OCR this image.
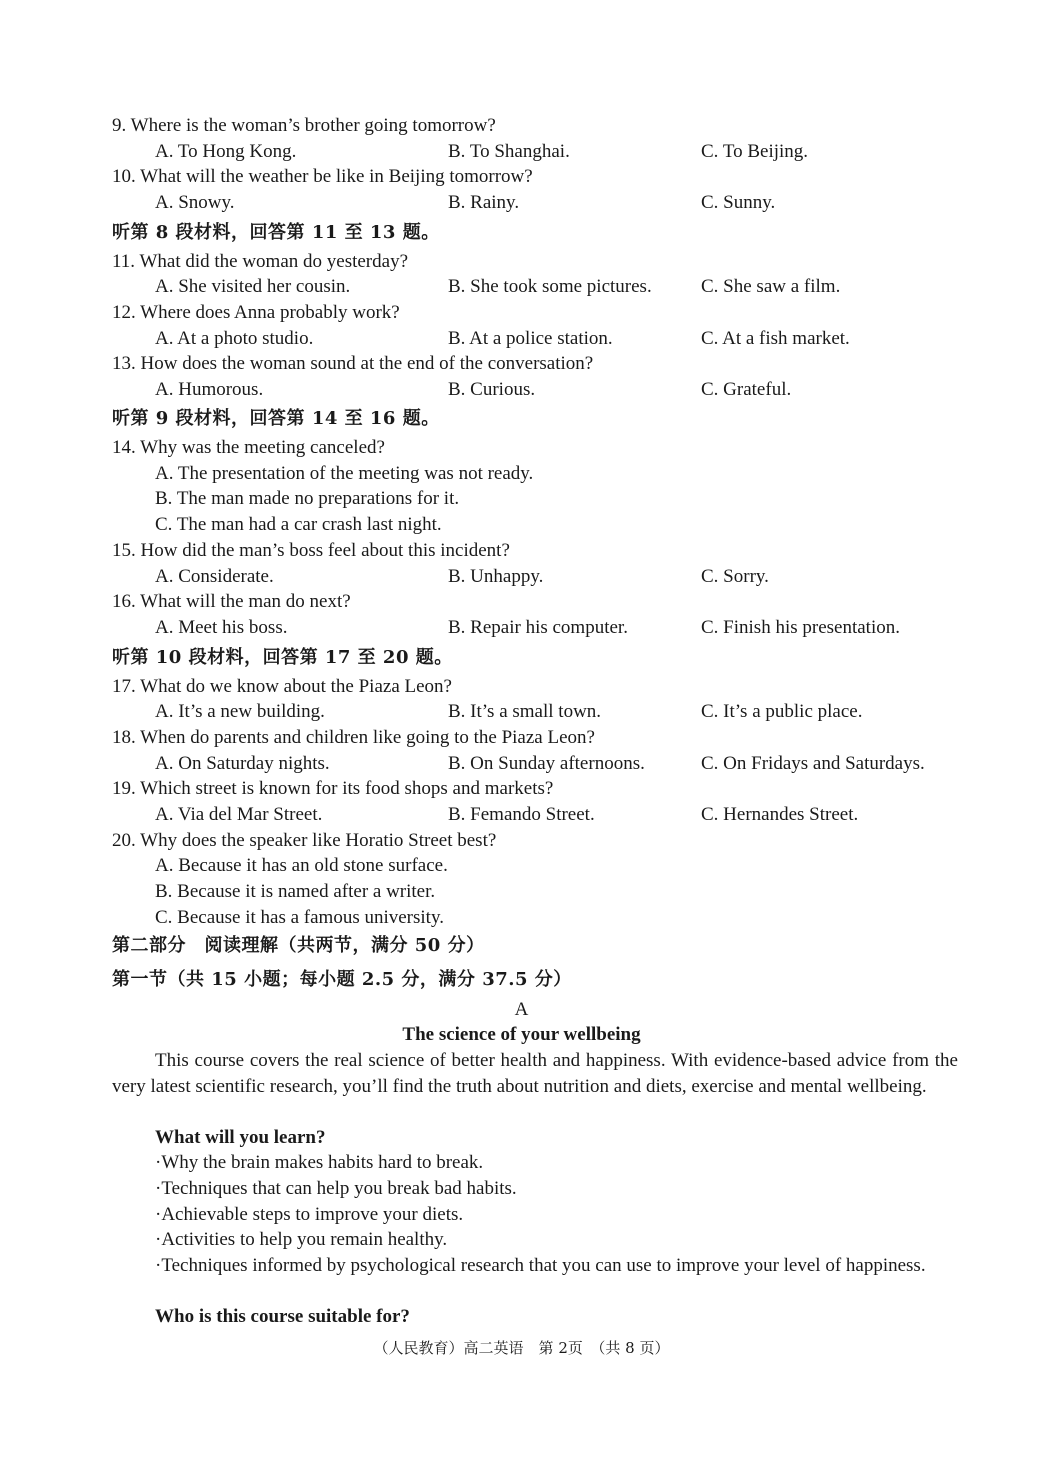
9. Where is the woman’s brother going tomorrow?
A. To Hong Kong.	B. To Shanghai.	C. To Beijing.
10. What will the weather be like in Beijing tomorrow?
A. Snowy.	B. Rainy.	C. Sunny.
听第 8 段材料，回答第 11 至 13 题。
11. What did the woman do yesterday?
A. She visited her cousin.	B. She took some pictures.	C. She saw a film.
12. Where does Anna probably work?
A. At a photo studio.	B. At a police station.	C. At a fish market.
13. How does the woman sound at the end of the conversation?
A. Humorous.	B. Curious.	C. Grateful.
听第 9 段材料，回答第 14 至 16 题。
14. Why was the meeting canceled?
A. The presentation of the meeting was not ready.
B. The man made no preparations for it.
C. The man had a car crash last night.
15. How did the man’s boss feel about this incident?
A. Considerate.	B. Unhappy.	C. Sorry.
16. What will the man do next?
A. Meet his boss.	B. Repair his computer.	C. Finish his presentation.
听第 10 段材料，回答第 17 至 20 题。
17. What do we know about the Piaza Leon?
A. It’s a new building.	B. It’s a small town.	C. It’s a public place.
18. When do parents and children like going to the Piaza Leon?
A. On Saturday nights.	B. On Sunday afternoons.	C. On Fridays and Saturdays.
19. Which street is known for its food shops and markets?
A. Via del Mar Street.	B. Femando Street.	C. Hernandes Street.
20. Why does the speaker like Horatio Street best?
A. Because it has an old stone surface.
B. Because it is named after a writer.
C. Because it has a famous university.
第二部分　阅读理解（共两节，满分 50 分）
第一节（共 15 小题；每小题 2.5 分，满分 37.5 分）
A
The science of your wellbeing
This course covers the real science of better health and happiness. With evidence-based advice from the very latest scientific research, you’ll find the truth about nutrition and diets, exercise and mental wellbeing.
What will you learn?
·Why the brain makes habits hard to break.
·Techniques that can help you break bad habits.
·Achievable steps to improve your diets.
·Activities to help you remain healthy.
·Techniques informed by psychological research that you can use to improve your level of happiness.
Who is this course suitable for?
（人民教育）高二英语　第 2页　（共 8 页）
